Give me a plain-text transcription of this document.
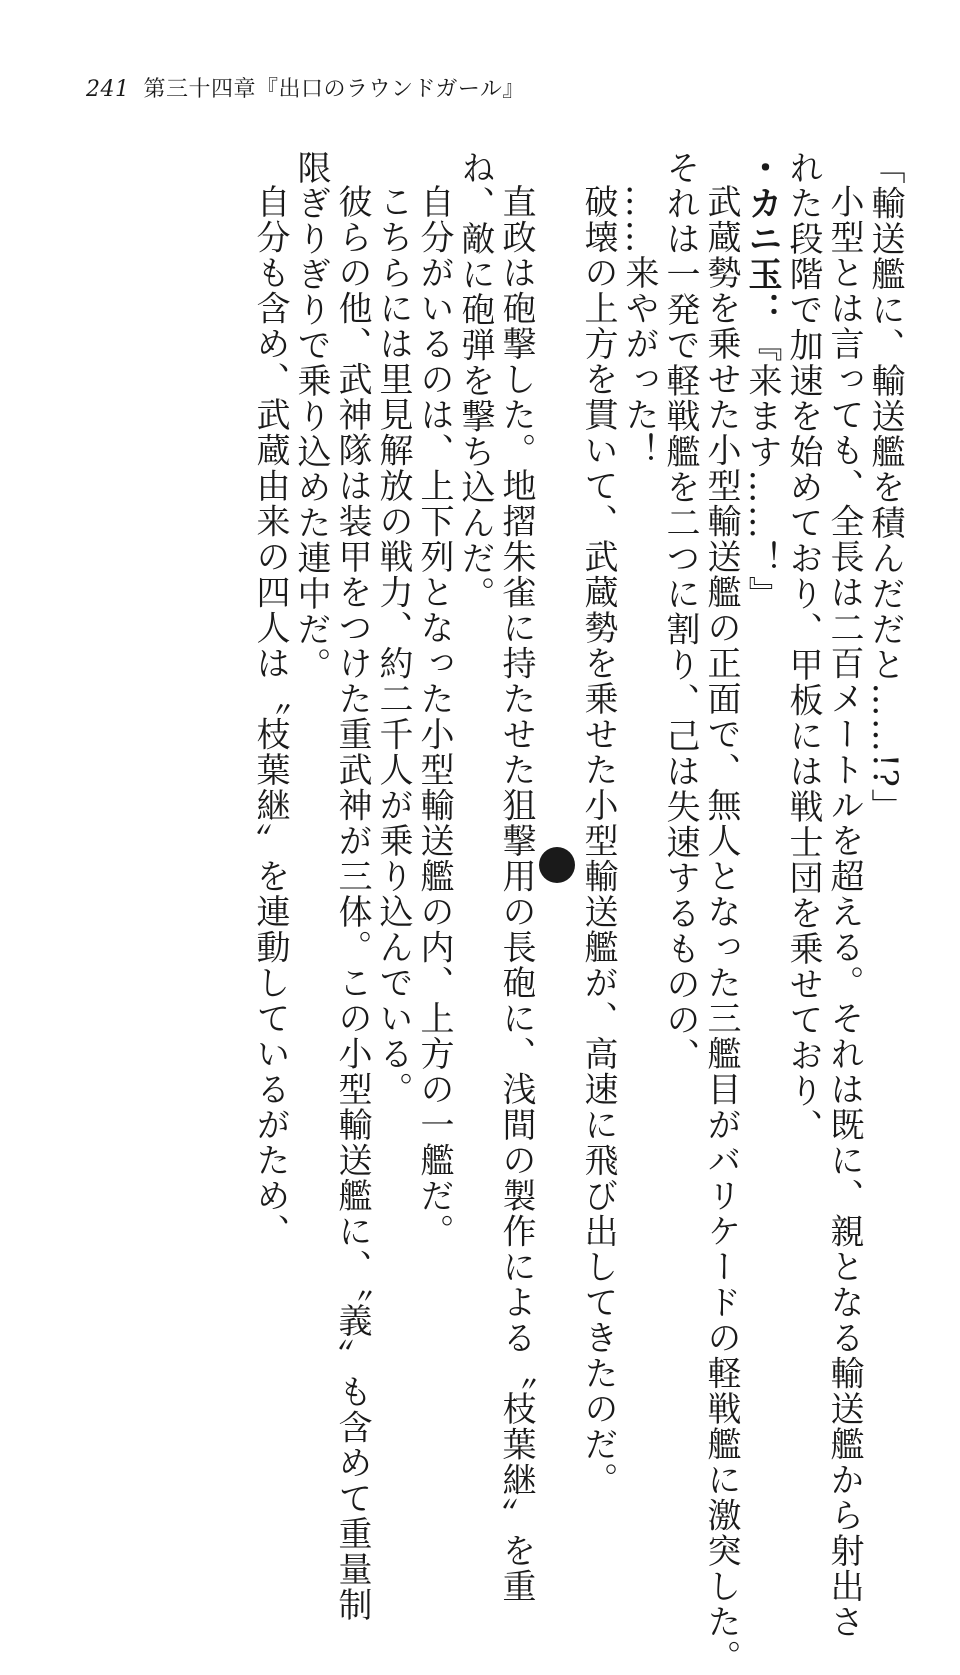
241 第三十四章『出口のラウンドガール』

「輸送艦に、輸送艦を積んだだと……!?」

小型とは言っても、全長は二百メートルを超える。それは既に、親となる輸送艦から射出さ

れた段階で加速を始めており、甲板には戦士団を乗せており、

・カニ玉：『来ます……！』

武蔵勢を乗せた小型輸送艦の正面で、無人となった三艦目がバリケードの軽戦艦に激突した。

それは一発で軽戦艦を二つに割り、己は失速するものの、

……来やがった！

破壊の上方を貫いて、武蔵勢を乗せた小型輸送艦が、高速に飛び出してきたのだ。

直政は砲撃した。地摺朱雀に持たせた狙撃用の長砲に、浅間の製作による〝枝葉継〟を重

ね、敵に砲弾を撃ち込んだ。

自分がいるのは、上下列となった小型輸送艦の内、上方の一艦だ。

こちらには里見解放の戦力、約二千人が乗り込んでいる。

彼らの他、武神隊は装甲をつけた重武神が三体。この小型輸送艦に、〝義〟も含めて重量制

限ぎりぎりで乗り込めた連中だ。

自分も含め、武蔵由来の四人は〝枝葉継〟を連動しているがため、
